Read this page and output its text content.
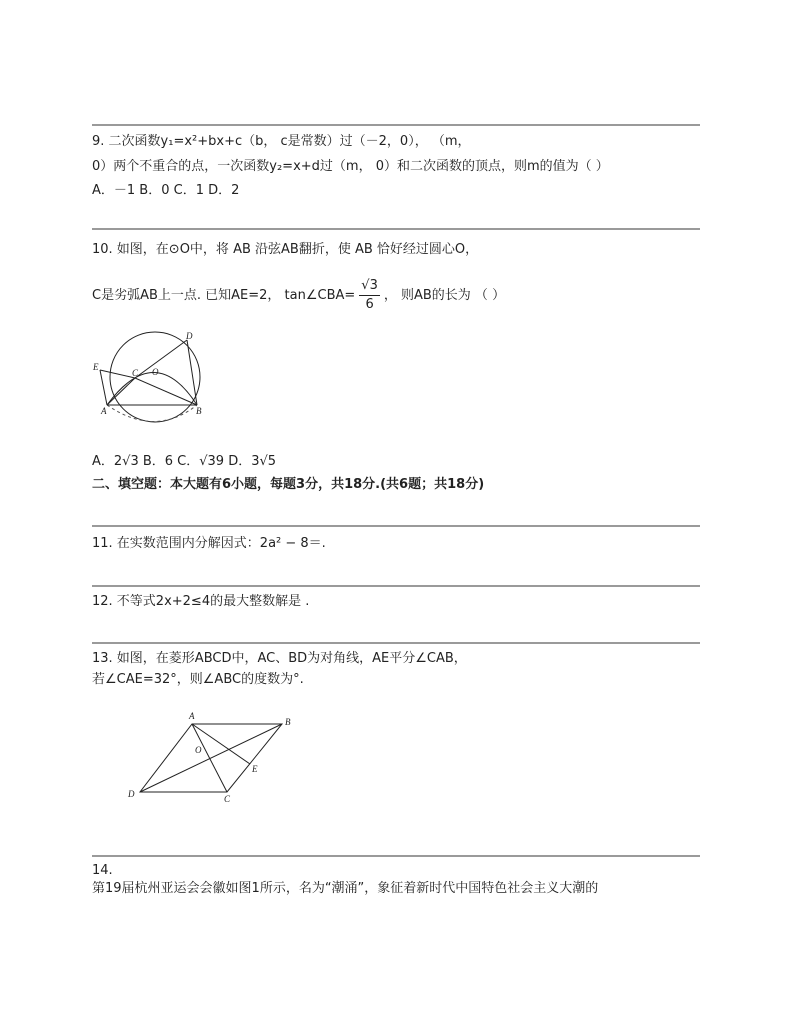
9. 二次函数y₁=x²+bx+c（b， c是常数）过（－2，0）， （m，
0）两个不重合的点，一次函数y₂=x+d过（m， 0）和二次函数的顶点，则m的值为（ ）
A．－1 B．0 C．1 D．2
10. 如图，在⊙O中，将 AB 沿弦AB翻折，使 AB 恰好经过圆心O，
C是劣弧AB上一点. 已知AE=2， tan∠CBA= $\frac{√3}{6}$ ， 则AB的长为 （ ）
D
E
C O
A	B
A．2√3 B．6 C．√39 D．3√5
二、填空题：本大题有6小题，每题3分，共18分.(共6题；共18分)
11. 在实数范围内分解因式：2a² − 8＝.
12. 不等式2x+2≤4的最大整数解是 .
13. 如图，在菱形ABCD中，AC、BD为对角线，AE平分∠CAB，
若∠CAE=32°，则∠ABC的度数为°.
A
B
O
E
D	C
14.
第19届杭州亚运会会徽如图1所示，名为“潮涌”，象征着新时代中国特色社会主义大潮的
